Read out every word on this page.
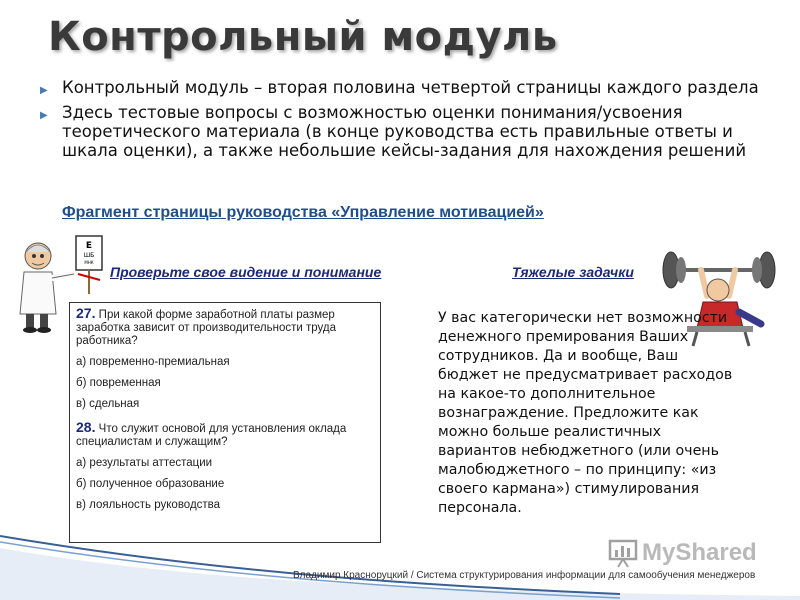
Контрольный модуль
▶ Контрольный модуль – вторая половина четвертой страницы каждого раздела
▶ Здесь тестовые вопросы с возможностью оценки понимания/усвоения теоретического материала (в конце руководства есть правильные ответы и шкала оценки), а также небольшие кейсы-задания для нахождения решений
Фрагмент страницы руководства «Управление мотивацией»
E
ШБ
МНК
Проверьте свое видение и понимание	Тяжелые задачки
27. При какой форме заработной платы размер заработка зависит от производительности труда работника?
а) повременно-премиальная
б) повременная
в) сдельная
28. Что служит основой для установления оклада специалистам и служащим?
а) результаты аттестации
б) полученное образование
в) лояльность руководства
У вас категорически нет возможности денежного премирования Ваших сотрудников. Да и вообще, Ваш бюджет не предусматривает расходов на какое-то дополнительное вознаграждение. Предложите как можно больше реалистичных вариантов небюджетного (или очень малобюджетного – по принципу: «из своего кармана») стимулирования персонала.
MyShared
Владимир Красноруцкий / Система структурирования информации для самообучения менеджеров
